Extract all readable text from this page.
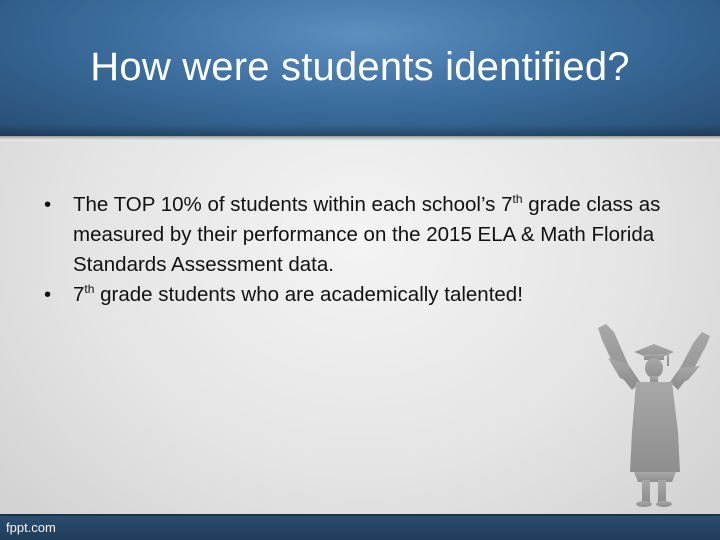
How were students identified?
• The TOP 10% of students within each school’s 7th grade class as measured by their performance on the 2015 ELA & Math Florida Standards Assessment data.
• 7th grade students who are academically talented!
fppt.com
